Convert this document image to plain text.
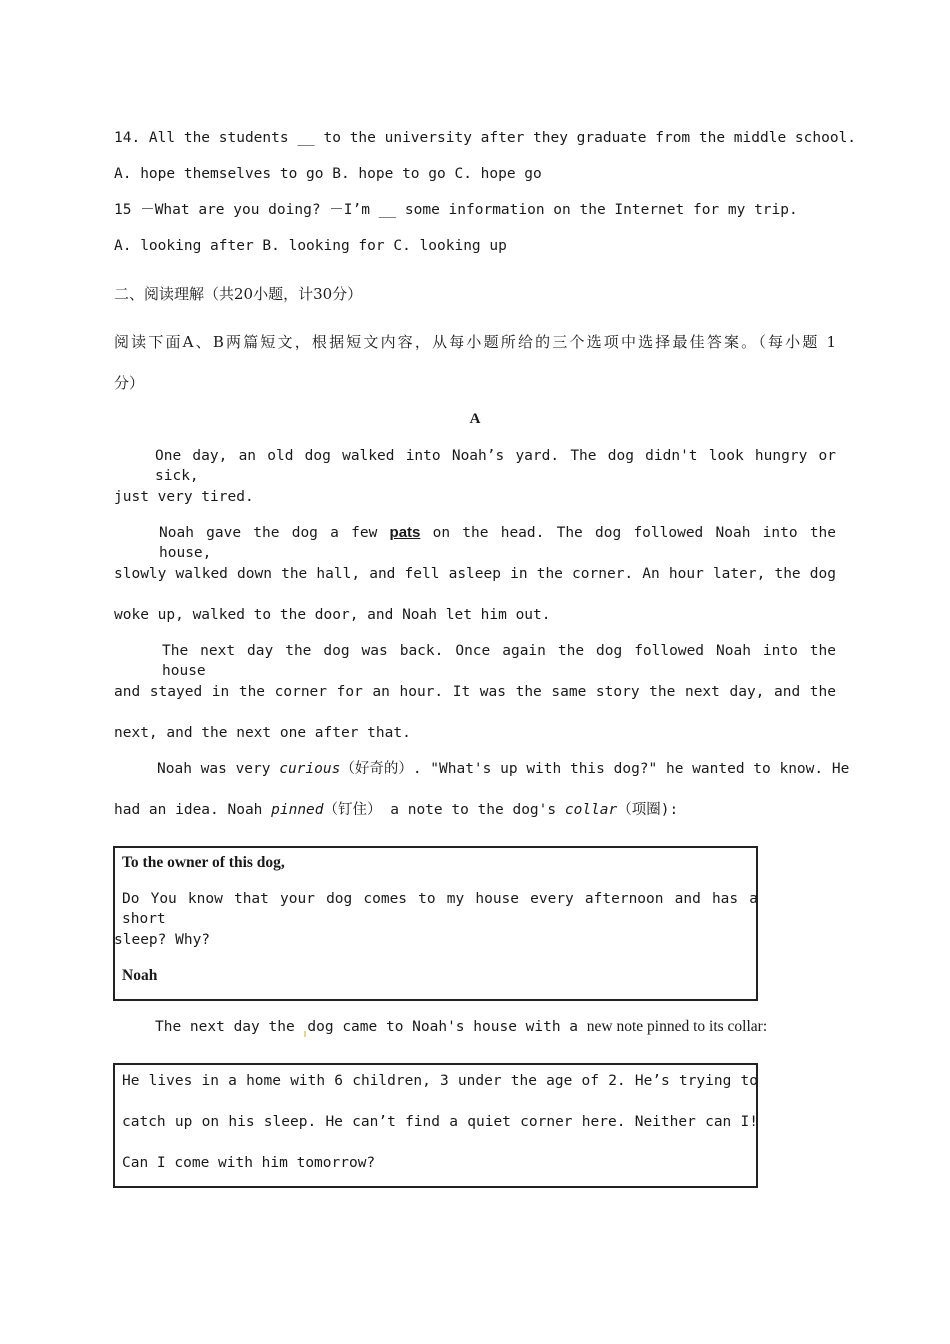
14. All the students __ to the university after they graduate from the middle school.
A. hope themselves to go B. hope to go C. hope go
15 －What are you doing? －I’m __ some information on the Internet for my trip.
A. looking after B. looking for C. looking up
二、阅读理解（共20小题，计30分）
阅读下面A、B两篇短文，根据短文内容，从每小题所给的三个选项中选择最佳答案。（每小题 1
分）
A
One day, an old dog walked into Noah’s yard. The dog didn't look hungry or sick,
just very tired.
Noah gave the dog a few pats on the head. The dog followed Noah into the house,
slowly walked down the hall, and fell asleep in the corner. An hour later, the dog
woke up, walked to the door, and Noah let him out.
The next day the dog was back. Once again the dog followed Noah into the house
and stayed in the corner for an hour. It was the same story the next day, and the
next, and the next one after that.
Noah was very curious（好奇的）. "What's up with this dog?" he wanted to know. He
had an idea. Noah pinned（钉住） a note to the dog's collar（项圈):
To the owner of this dog,
Do You know that your dog comes to my house every afternoon and has a short
sleep? Why?
Noah
The next day the dog came to Noah's house with a new note pinned to its collar:
He lives in a home with 6 children, 3 under the age of 2. He’s trying to
catch up on his sleep. He can’t find a quiet corner here. Neither can I!
Can I come with him tomorrow?
